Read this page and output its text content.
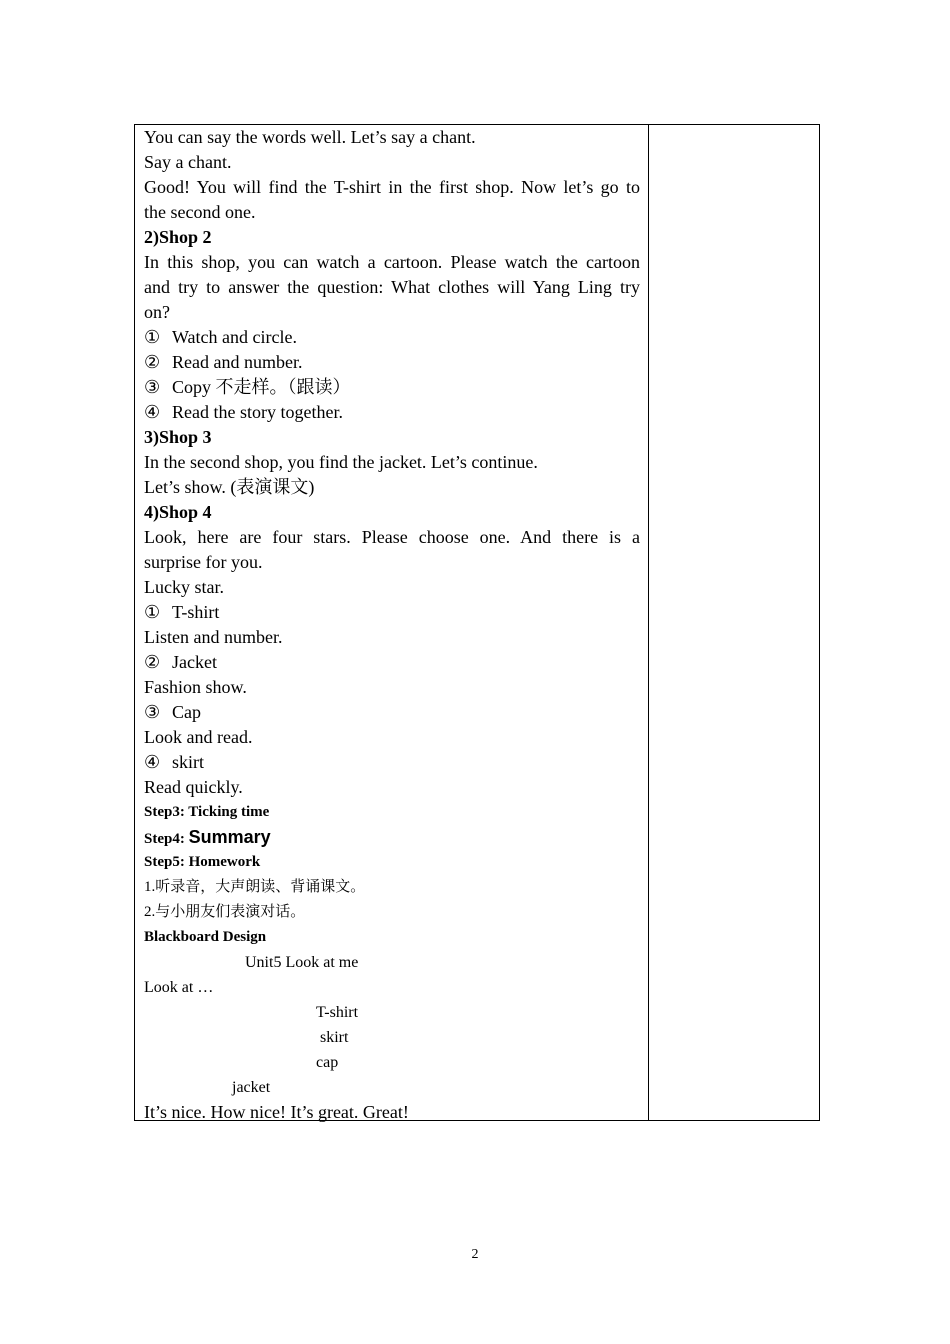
You can say the words well. Let’s say a chant.
Say a chant.
Good! You will find the T-shirt in the first shop. Now let’s go to
the second one.
2)Shop 2
In this shop, you can watch a cartoon. Please watch the cartoon
and try to answer the question: What clothes will Yang Ling try
on?
① Watch and circle.
② Read and number.
③ Copy 不走样。（跟读）
④ Read the story together.
3)Shop 3
In the second shop, you find the jacket. Let’s continue.
Let’s show. (表演课文)
4)Shop 4
Look, here are four stars. Please choose one. And there is a
surprise for you.
Lucky star.
① T-shirt
Listen and number.
② Jacket
Fashion show.
③ Cap
Look and read.
④ skirt
Read quickly.
Step3: Ticking time
Step4: Summary
Step5: Homework
1.听录音，大声朗读、背诵课文。
2.与小朋友们表演对话。
Blackboard Design
Unit5 Look at me
Look at …
T-shirt
skirt
cap
jacket
It’s nice. How nice! It’s great. Great!
2
